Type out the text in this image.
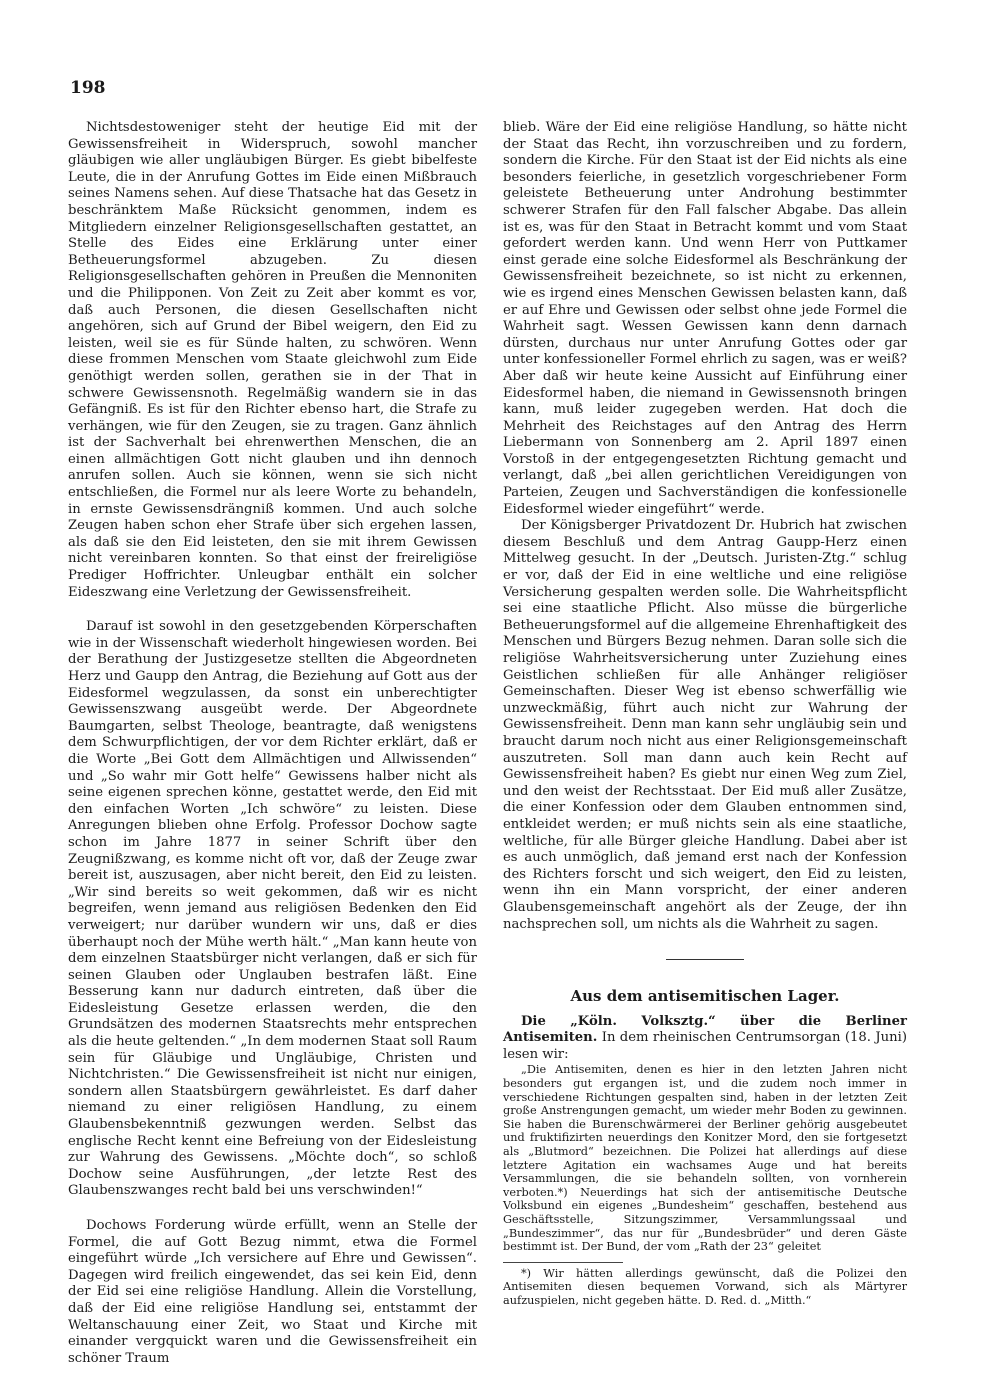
198

Nichtsdestoweniger steht der heutige Eid mit der Gewissensfreiheit in Widerspruch, sowohl mancher gläubigen wie aller ungläubigen Bürger. Es giebt bibelfeste Leute, die in der Anrufung Gottes im Eide einen Mißbrauch seines Namens sehen. Auf diese Thatsache hat das Gesetz in beschränktem Maße Rücksicht genommen, indem es Mitgliedern einzelner Religionsgesellschaften gestattet, an Stelle des Eides eine Erklärung unter einer Betheuerungsformel abzugeben. Zu diesen Religionsgesellschaften gehören in Preußen die Mennoniten und die Philipponen. Von Zeit zu Zeit aber kommt es vor, daß auch Personen, die diesen Gesellschaften nicht angehören, sich auf Grund der Bibel weigern, den Eid zu leisten, weil sie es für Sünde halten, zu schwören. Wenn diese frommen Menschen vom Staate gleichwohl zum Eide genöthigt werden sollen, gerathen sie in der That in schwere Gewissensnoth. Regelmäßig wandern sie in das Gefängniß. Es ist für den Richter ebenso hart, die Strafe zu verhängen, wie für den Zeugen, sie zu tragen. Ganz ähnlich ist der Sachverhalt bei ehrenwerthen Menschen, die an einen allmächtigen Gott nicht glauben und ihn dennoch anrufen sollen. Auch sie können, wenn sie sich nicht entschließen, die Formel nur als leere Worte zu behandeln, in ernste Gewissensdrängniß kommen. Und auch solche Zeugen haben schon eher Strafe über sich ergehen lassen, als daß sie den Eid leisteten, den sie mit ihrem Gewissen nicht vereinbaren konnten. So that einst der freireligiöse Prediger Hoffrichter. Unleugbar enthält ein solcher Eideszwang eine Verletzung der Gewissensfreiheit.

Darauf ist sowohl in den gesetzgebenden Körperschaften wie in der Wissenschaft wiederholt hingewiesen worden. Bei der Berathung der Justizgesetze stellten die Abgeordneten Herz und Gaupp den Antrag, die Beziehung auf Gott aus der Eidesformel wegzulassen, da sonst ein unberechtigter Gewissenszwang ausgeübt werde. Der Abgeordnete Baumgarten, selbst Theologe, beantragte, daß wenigstens dem Schwurpflichtigen, der vor dem Richter erklärt, daß er die Worte „Bei Gott dem Allmächtigen und Allwissenden“ und „So wahr mir Gott helfe“ Gewissens halber nicht als seine eigenen sprechen könne, gestattet werde, den Eid mit den einfachen Worten „Ich schwöre“ zu leisten. Diese Anregungen blieben ohne Erfolg. Professor Dochow sagte schon im Jahre 1877 in seiner Schrift über den Zeugnißzwang, es komme nicht oft vor, daß der Zeuge zwar bereit ist, auszusagen, aber nicht bereit, den Eid zu leisten. „Wir sind bereits so weit gekommen, daß wir es nicht begreifen, wenn jemand aus religiösen Bedenken den Eid verweigert; nur darüber wundern wir uns, daß er dies überhaupt noch der Mühe werth hält.“ „Man kann heute von dem einzelnen Staatsbürger nicht verlangen, daß er sich für seinen Glauben oder Unglauben bestrafen läßt. Eine Besserung kann nur dadurch eintreten, daß über die Eidesleistung Gesetze erlassen werden, die den Grundsätzen des modernen Staatsrechts mehr entsprechen als die heute geltenden.“ „In dem modernen Staat soll Raum sein für Gläubige und Ungläubige, Christen und Nichtchristen.“ Die Gewissensfreiheit ist nicht nur einigen, sondern allen Staatsbürgern gewährleistet. Es darf daher niemand zu einer religiösen Handlung, zu einem Glaubensbekenntniß gezwungen werden. Selbst das englische Recht kennt eine Befreiung von der Eidesleistung zur Wahrung des Gewissens. „Möchte doch“, so schloß Dochow seine Ausführungen, „der letzte Rest des Glaubenszwanges recht bald bei uns verschwinden!“

Dochows Forderung würde erfüllt, wenn an Stelle der Formel, die auf Gott Bezug nimmt, etwa die Formel eingeführt würde „Ich versichere auf Ehre und Gewissen“. Dagegen wird freilich eingewendet, das sei kein Eid, denn der Eid sei eine religiöse Handlung. Allein die Vorstellung, daß der Eid eine religiöse Handlung sei, entstammt der Weltanschauung einer Zeit, wo Staat und Kirche mit einander vergquickt waren und die Gewissensfreiheit ein schöner Traum

blieb. Wäre der Eid eine religiöse Handlung, so hätte nicht der Staat das Recht, ihn vorzuschreiben und zu fordern, sondern die Kirche. Für den Staat ist der Eid nichts als eine besonders feierliche, in gesetzlich vorgeschriebener Form geleistete Betheuerung unter Androhung bestimmter schwerer Strafen für den Fall falscher Abgabe. Das allein ist es, was für den Staat in Betracht kommt und vom Staat gefordert werden kann. Und wenn Herr von Puttkamer einst gerade eine solche Eidesformel als Beschränkung der Gewissensfreiheit bezeichnete, so ist nicht zu erkennen, wie es irgend eines Menschen Gewissen belasten kann, daß er auf Ehre und Gewissen oder selbst ohne jede Formel die Wahrheit sagt. Wessen Gewissen kann denn darnach dürsten, durchaus nur unter Anrufung Gottes oder gar unter konfessioneller Formel ehrlich zu sagen, was er weiß? Aber daß wir heute keine Aussicht auf Einführung einer Eidesformel haben, die niemand in Gewissensnoth bringen kann, muß leider zugegeben werden. Hat doch die Mehrheit des Reichstages auf den Antrag des Herrn Liebermann von Sonnenberg am 2. April 1897 einen Vorstoß in der entgegengesetzten Richtung gemacht und verlangt, daß „bei allen gerichtlichen Vereidigungen von Parteien, Zeugen und Sachverständigen die konfessionelle Eidesformel wieder eingeführt“ werde.

Der Königsberger Privatdozent Dr. Hubrich hat zwischen diesem Beschluß und dem Antrag Gaupp-Herz einen Mittelweg gesucht. In der „Deutsch. Juristen-Ztg.“ schlug er vor, daß der Eid in eine weltliche und eine religiöse Versicherung gespalten werden solle. Die Wahrheitspflicht sei eine staatliche Pflicht. Also müsse die bürgerliche Betheuerungsformel auf die allgemeine Ehrenhaftigkeit des Menschen und Bürgers Bezug nehmen. Daran solle sich die religiöse Wahrheitsversicherung unter Zuziehung eines Geistlichen schließen für alle Anhänger religiöser Gemeinschaften. Dieser Weg ist ebenso schwerfällig wie unzweckmäßig, führt auch nicht zur Wahrung der Gewissensfreiheit. Denn man kann sehr ungläubig sein und braucht darum noch nicht aus einer Religionsgemeinschaft auszutreten. Soll man dann auch kein Recht auf Gewissensfreiheit haben? Es giebt nur einen Weg zum Ziel, und den weist der Rechtsstaat. Der Eid muß aller Zusätze, die einer Konfession oder dem Glauben entnommen sind, entkleidet werden; er muß nichts sein als eine staatliche, weltliche, für alle Bürger gleiche Handlung. Dabei aber ist es auch unmöglich, daß jemand erst nach der Konfession des Richters forscht und sich weigert, den Eid zu leisten, wenn ihn ein Mann vorspricht, der einer anderen Glaubensgemeinschaft angehört als der Zeuge, der ihn nachsprechen soll, um nichts als die Wahrheit zu sagen.

Aus dem antisemitischen Lager.

Die „Köln. Volksztg.“ über die Berliner Antisemiten. In dem rheinischen Centrumsorgan (18. Juni) lesen wir:

„Die Antisemiten, denen es hier in den letzten Jahren nicht besonders gut ergangen ist, und die zudem noch immer in verschiedene Richtungen gespalten sind, haben in der letzten Zeit große Anstrengungen gemacht, um wieder mehr Boden zu gewinnen. Sie haben die Burenschwärmerei der Berliner gehörig ausgebeutet und fruktifizirten neuerdings den Konitzer Mord, den sie fortgesetzt als „Blutmord“ bezeichnen. Die Polizei hat allerdings auf diese letztere Agitation ein wachsames Auge und hat bereits Versammlungen, die sie behandeln sollten, von vornherein verboten.*) Neuerdings hat sich der antisemitische Deutsche Volksbund ein eigenes „Bundesheim“ geschaffen, bestehend aus Geschäftsstelle, Sitzungszimmer, Versammlungssaal und „Bundeszimmer“, das nur für „Bundesbrüder“ und deren Gäste bestimmt ist. Der Bund, der vom „Rath der 23“ geleitet

*) Wir hätten allerdings gewünscht, daß die Polizei den Antisemiten diesen bequemen Vorwand, sich als Märtyrer aufzuspielen, nicht gegeben hätte. D. Red. d. „Mitth.“
